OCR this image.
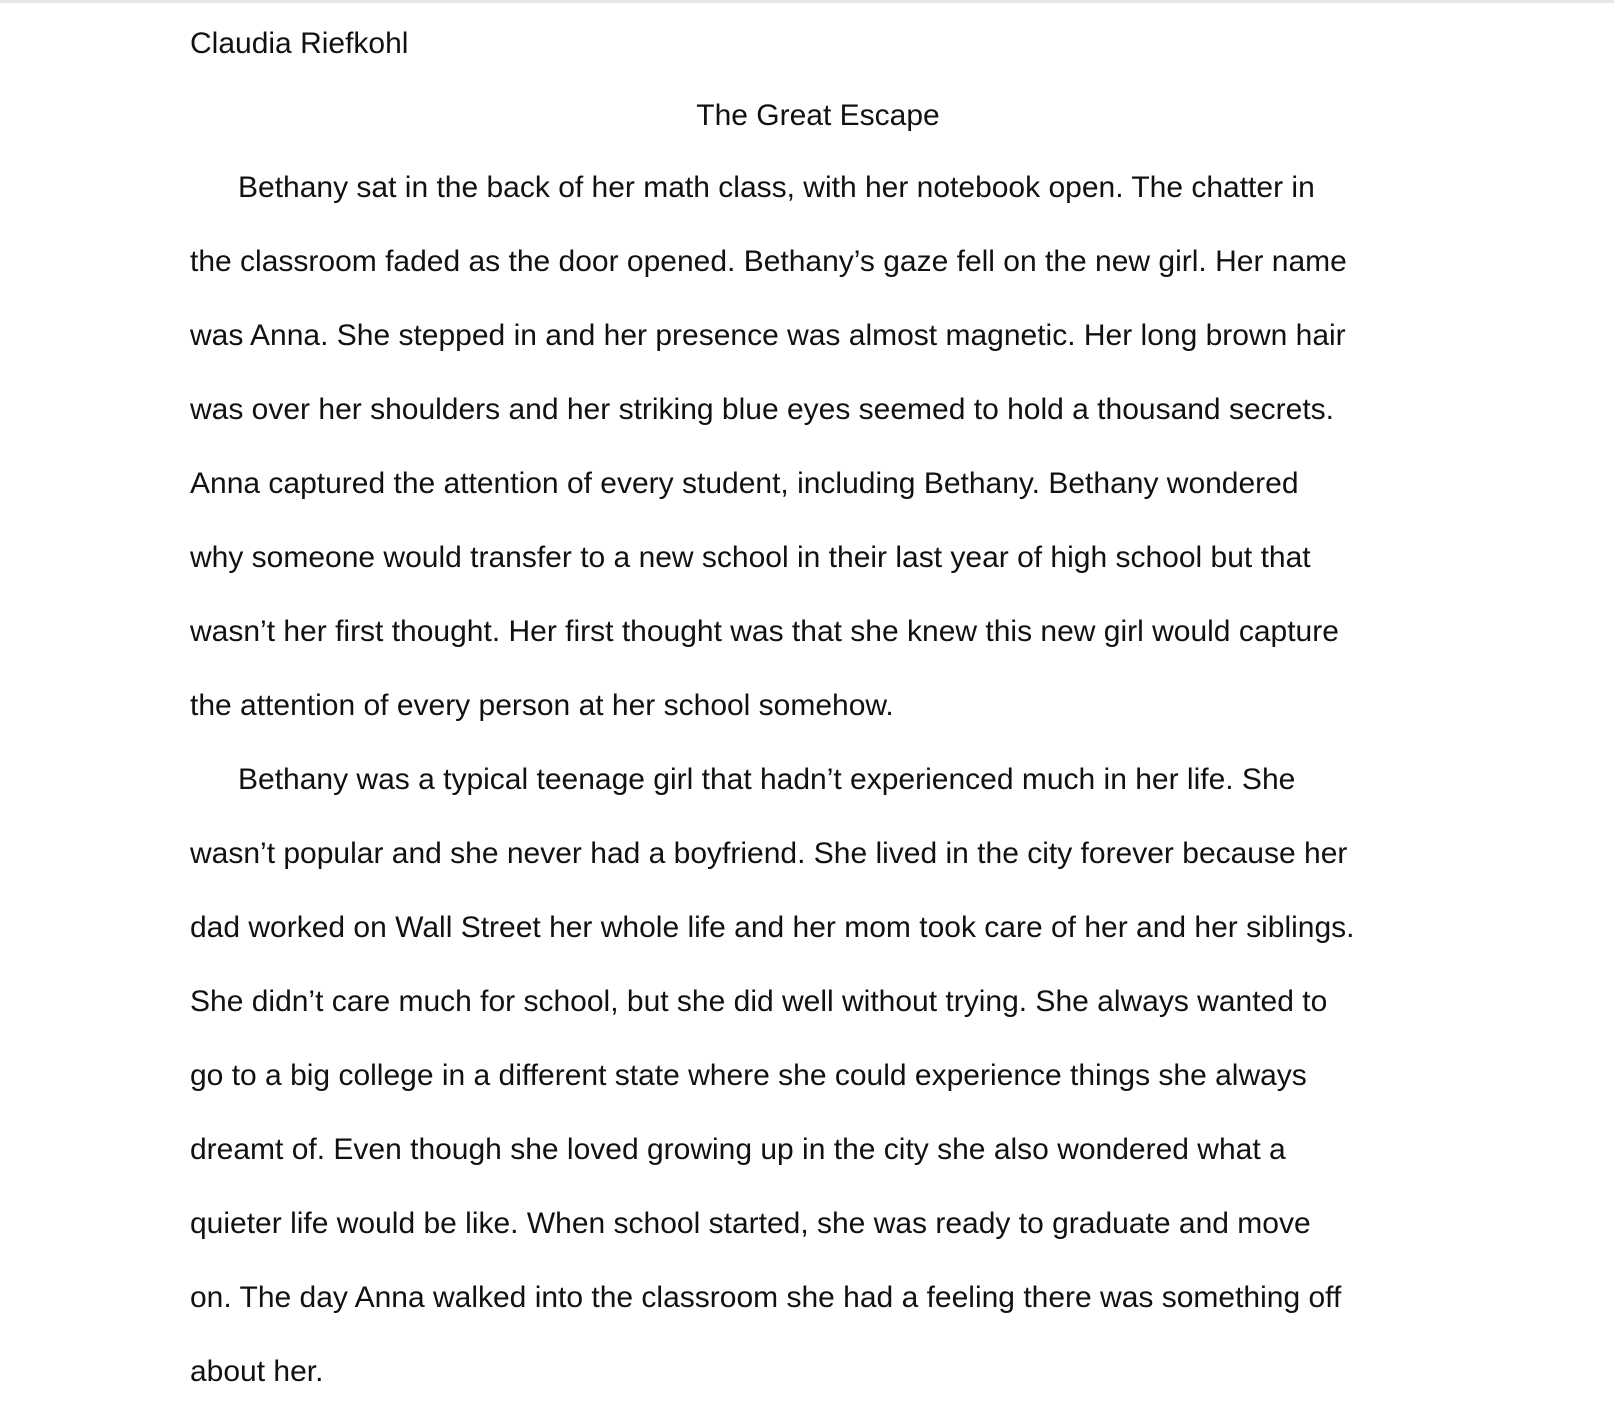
Claudia Riefkohl
The Great Escape
Bethany sat in the back of her math class, with her notebook open. The chatter in
the classroom faded as the door opened. Bethany’s gaze fell on the new girl. Her name
was Anna. She stepped in and her presence was almost magnetic. Her long brown hair
was over her shoulders and her striking blue eyes seemed to hold a thousand secrets.
Anna captured the attention of every student, including Bethany. Bethany wondered
why someone would transfer to a new school in their last year of high school but that
wasn’t her first thought. Her first thought was that she knew this new girl would capture
the attention of every person at her school somehow.
Bethany was a typical teenage girl that hadn’t experienced much in her life. She
wasn’t popular and she never had a boyfriend. She lived in the city forever because her
dad worked on Wall Street her whole life and her mom took care of her and her siblings.
She didn’t care much for school, but she did well without trying. She always wanted to
go to a big college in a different state where she could experience things she always
dreamt of. Even though she loved growing up in the city she also wondered what a
quieter life would be like. When school started, she was ready to graduate and move
on. The day Anna walked into the classroom she had a feeling there was something off
about her.
